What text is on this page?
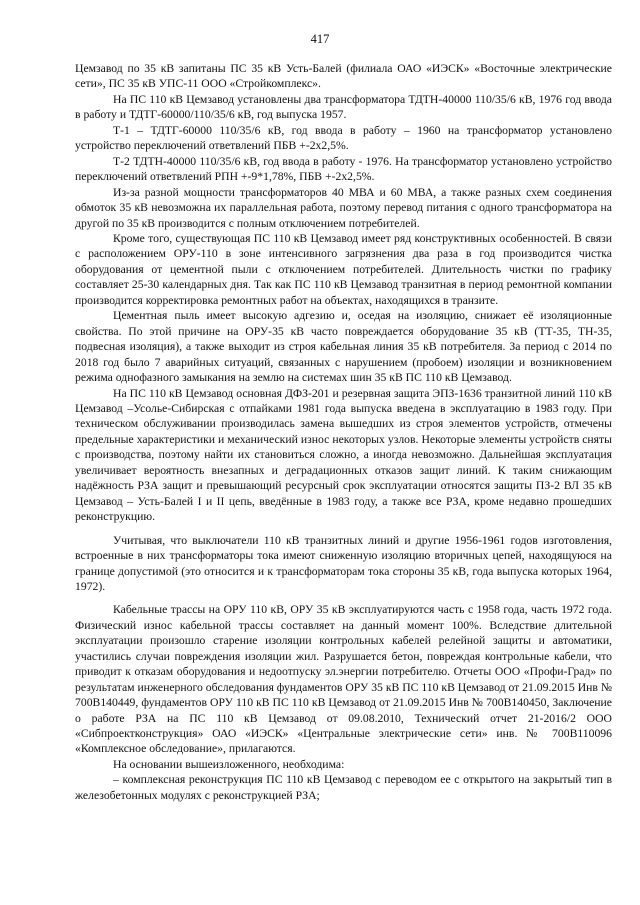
417

Цемзавод по 35 кВ запитаны ПС 35 кВ Усть-Балей (филиала ОАО «ИЭСК» «Восточные электрические сети», ПС 35 кВ УПС-11 ООО «Стройкомплекс».

На ПС 110 кВ Цемзавод установлены два трансформатора ТДТН-40000 110/35/6 кВ, 1976 год ввода в работу и ТДТГ-60000/110/35/6 кВ, год выпуска 1957.

Т-1 – ТДТГ-60000 110/35/6 кВ, год ввода в работу – 1960 на трансформатор установлено устройство переключений ответвлений ПБВ +-2х2,5%.

Т-2 ТДТН-40000 110/35/6 кВ, год ввода в работу - 1976. На трансформатор установлено устройство переключений ответвлений РПН +-9*1,78%, ПБВ +-2х2,5%.

Из-за разной мощности трансформаторов 40 МВА и 60 МВА, а также разных схем соединения обмоток 35 кВ невозможна их параллельная работа, поэтому перевод питания с одного трансформатора на другой по 35 кВ производится с полным отключением потребителей.

Кроме того, существующая ПС 110 кВ Цемзавод имеет ряд конструктивных особенностей. В связи с расположением ОРУ-110 в зоне интенсивного загрязнения два раза в год производится чистка оборудования от цементной пыли с отключением потребителей. Длительность чистки по графику составляет 25-30 календарных дня. Так как ПС 110 кВ Цемзавод транзитная в период ремонтной компании производится корректировка ремонтных работ на объектах, находящихся в транзите.

Цементная пыль имеет высокую адгезию и, оседая на изоляцию, снижает её изоляционные свойства. По этой причине на ОРУ-35 кВ часто повреждается оборудование 35 кВ (ТТ-35, ТН-35, подвесная изоляция), а также выходит из строя кабельная линия 35 кВ потребителя. За период с 2014 по 2018 год было 7 аварийных ситуаций, связанных с нарушением (пробоем) изоляции и возникновением режима однофазного замыкания на землю на системах шин 35 кВ ПС 110 кВ Цемзавод.

На ПС 110 кВ Цемзавод основная ДФЗ-201 и резервная защита ЭПЗ-1636 транзитной линий 110 кВ Цемзавод –Усолье-Сибирская с отпайками 1981 года выпуска введена в эксплуатацию в 1983 году. При техническом обслуживании производилась замена вышедших из строя элементов устройств, отмечены предельные характеристики и механический износ некоторых узлов. Некоторые элементы устройств сняты с производства, поэтому найти их становиться сложно, а иногда невозможно. Дальнейшая эксплуатация увеличивает вероятность внезапных и деградационных отказов защит линий. К таким снижающим надёжность РЗА защит и превышающий ресурсный срок эксплуатации относятся защиты ПЗ-2 ВЛ 35 кВ Цемзавод – Усть-Балей I и II цепь, введённые в 1983 году, а также все РЗА, кроме недавно прошедших реконструкцию.

Учитывая, что выключатели 110 кВ транзитных линий и другие 1956-1961 годов изготовления, встроенные в них трансформаторы тока имеют сниженную изоляцию вторичных цепей, находящуюся на границе допустимой (это относится и к трансформаторам тока стороны 35 кВ, года выпуска которых 1964, 1972).

Кабельные трассы на ОРУ 110 кВ, ОРУ 35 кВ эксплуатируются часть с 1958 года, часть 1972 года. Физический износ кабельной трассы составляет на данный момент 100%. Вследствие длительной эксплуатации произошло старение изоляции контрольных кабелей релейной защиты и автоматики, участились случаи повреждения изоляции жил. Разрушается бетон, повреждая контрольные кабели, что приводит к отказам оборудования и недоотпуску эл.энергии потребителю. Отчеты ООО «Профи-Град» по результатам инженерного обследования фундаментов ОРУ 35 кВ ПС 110 кВ Цемзавод от 21.09.2015 Инв № 700В140449, фундаментов ОРУ 110 кВ ПС 110 кВ Цемзавод от 21.09.2015 Инв № 700В140450, Заключение о работе РЗА на ПС 110 кВ Цемзавод от 09.08.2010, Технический отчет 21-2016/2 ООО «Сибпроектконструкция» ОАО «ИЭСК» «Центральные электрические сети» инв. № 700В110096 «Комплексное обследование», прилагаются.

На основании вышеизложенного, необходима:

– комплексная реконструкция ПС 110 кВ Цемзавод с переводом ее с открытого на закрытый тип в железобетонных модулях с реконструкцией РЗА;
